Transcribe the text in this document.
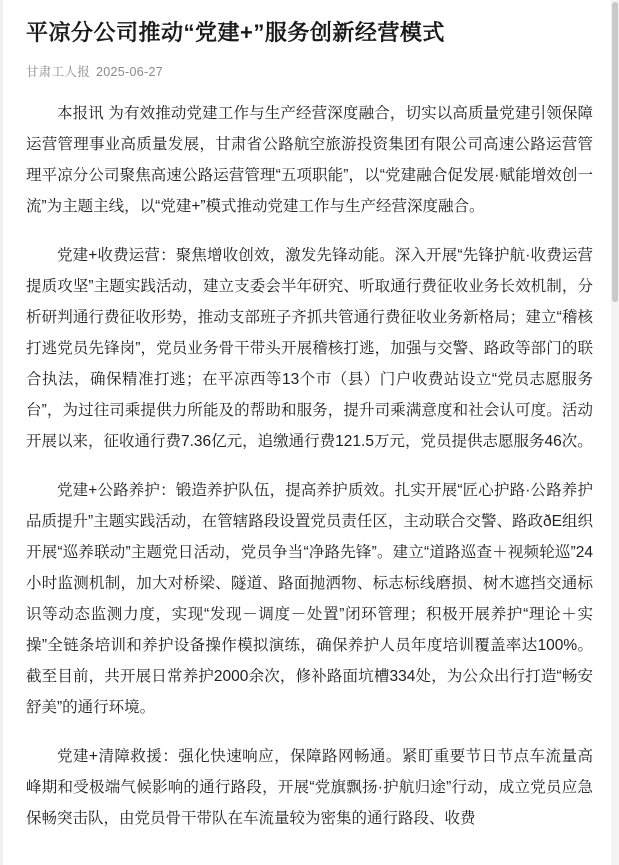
平凉分公司推动“党建+”服务创新经营模式
甘肃工人报 2025-06-27

本报讯 为有效推动党建工作与生产经营深度融合，切实以高质量党建引领保障运营管理事业高质量发展，甘肃省公路航空旅游投资集团有限公司高速公路运营管理平凉分公司聚焦高速公路运营管理“五项职能”，以“党建融合促发展·赋能增效创一流”为主题主线，以“党建+”模式推动党建工作与生产经营深度融合。

党建+收费运营：聚焦增收创效，激发先锋动能。深入开展“先锋护航·收费运营提质攻坚”主题实践活动，建立支委会半年研究、听取通行费征收业务长效机制，分析研判通行费征收形势，推动支部班子齐抓共管通行费征收业务新格局；建立“稽核打逃党员先锋岗”，党员业务骨干带头开展稽核打逃，加强与交警、路政等部门的联合执法，确保精准打逃；在平凉西等13个市（县）门户收费站设立“党员志愿服务台”，为过往司乘提供力所能及的帮助和服务，提升司乘满意度和社会认可度。活动开展以来，征收通行费7.36亿元，追缴通行费121.5万元，党员提供志愿服务46次。

党建+公路养护：锻造养护队伍，提高养护质效。扎实开展“匠心护路·公路养护品质提升”主题实践活动，在管辖路段设置党员责任区，主动联合交警、路政ðE组织开展“巡养联动”主题党日活动，党员争当“净路先锋”。建立“道路巡查＋视频轮巡”24小时监测机制，加大对桥梁、隧道、路面抛洒物、标志标线磨损、树木遮挡交通标识等动态监测力度，实现“发现－调度－处置”闭环管理；积极开展养护“理论＋实操”全链条培训和养护设备操作模拟演练，确保养护人员年度培训覆盖率达100%。截至目前，共开展日常养护2000余次，修补路面坑槽334处，为公众出行打造“畅安舒美”的通行环境。

党建+清障救援：强化快速响应，保障路网畅通。紧盯重要节日节点车流量高峰期和受极端气候影响的通行路段，开展“党旗飘扬·护航归途”行动，成立党员应急保畅突击队，由党员骨干带队在车流量较为密集的通行路段、收费
